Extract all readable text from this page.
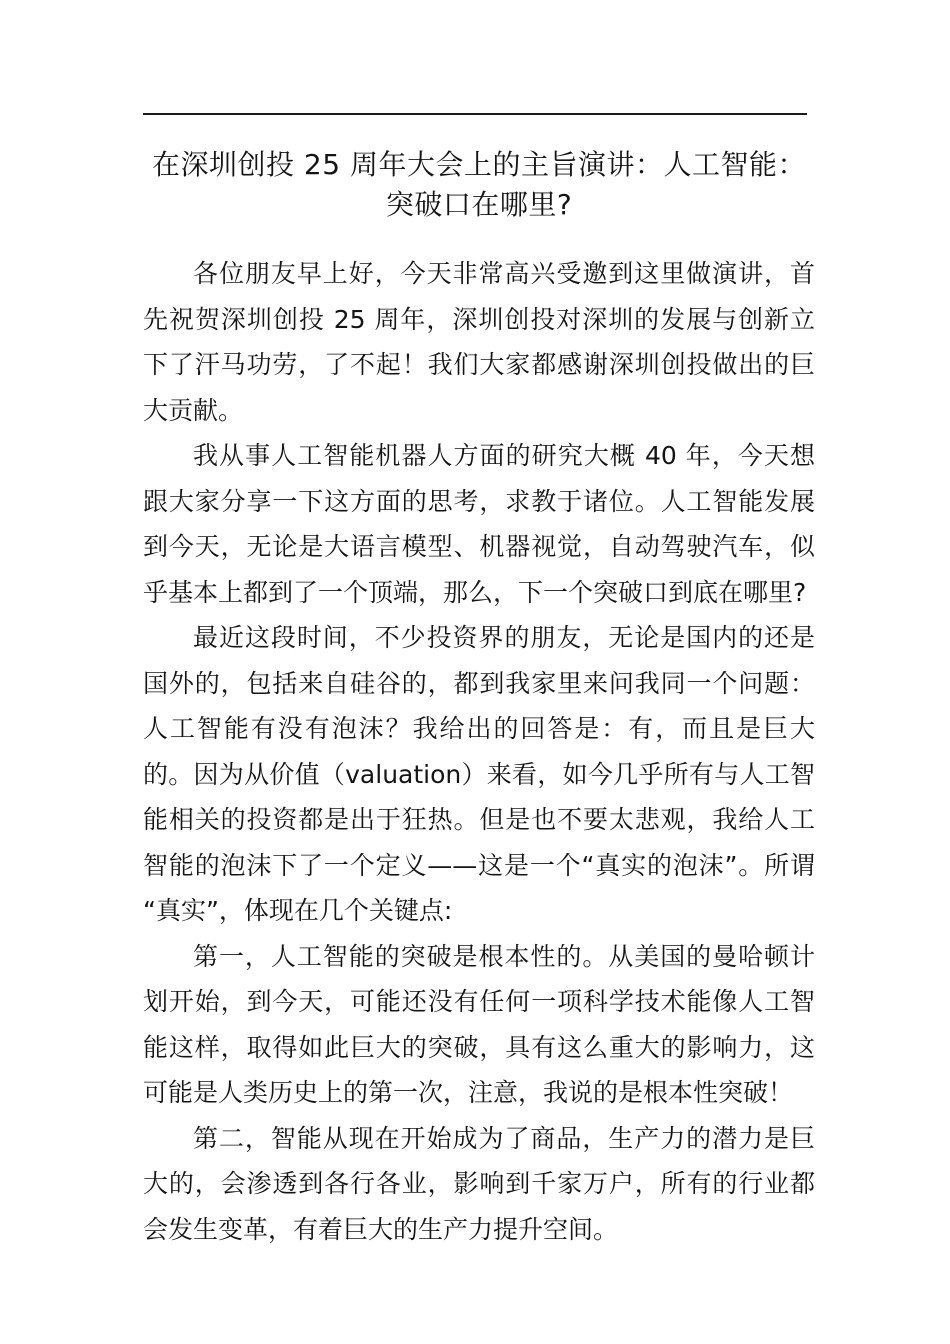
在深圳创投 25 周年大会上的主旨演讲：人工智能：突破口在哪里?

各位朋友早上好，今天非常高兴受邀到这里做演讲，首先祝贺深圳创投 25 周年，深圳创投对深圳的发展与创新立下了汗马功劳，了不起！我们大家都感谢深圳创投做出的巨大贡献。

我从事人工智能机器人方面的研究大概 40 年，今天想跟大家分享一下这方面的思考，求教于诸位。人工智能发展到今天，无论是大语言模型、机器视觉，自动驾驶汽车，似乎基本上都到了一个顶端，那么，下一个突破口到底在哪里?

最近这段时间，不少投资界的朋友，无论是国内的还是国外的，包括来自硅谷的，都到我家里来问我同一个问题：人工智能有没有泡沫？我给出的回答是：有，而且是巨大的。因为从价值（valuation）来看，如今几乎所有与人工智能相关的投资都是出于狂热。但是也不要太悲观，我给人工智能的泡沫下了一个定义——这是一个“真实的泡沫”。所谓“真实”，体现在几个关键点:

第一，人工智能的突破是根本性的。从美国的曼哈顿计划开始，到今天，可能还没有任何一项科学技术能像人工智能这样，取得如此巨大的突破，具有这么重大的影响力，这可能是人类历史上的第一次，注意，我说的是根本性突破！

第二，智能从现在开始成为了商品，生产力的潜力是巨大的，会渗透到各行各业，影响到千家万户，所有的行业都会发生变革，有着巨大的生产力提升空间。
